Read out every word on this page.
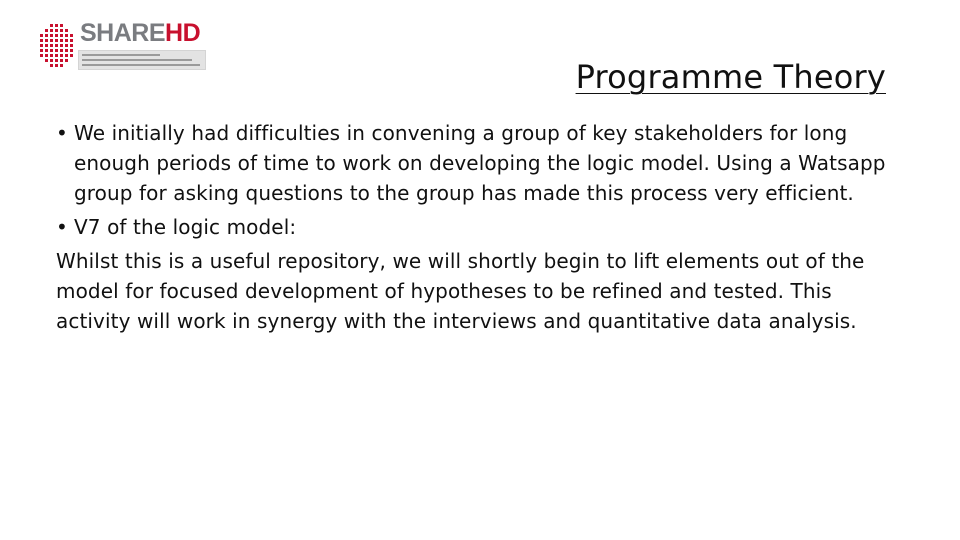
SHAREHD
Programme Theory
• We initially had difficulties in convening a group of key stakeholders for long enough periods of time to work on developing the logic model. Using a Watsapp group for asking questions to the group has made this process very efficient.
• V7 of the logic model:

Whilst this is a useful repository, we will shortly begin to lift elements out of the model for focused development of hypotheses to be refined and tested. This activity will work in synergy with the interviews and quantitative data analysis.
